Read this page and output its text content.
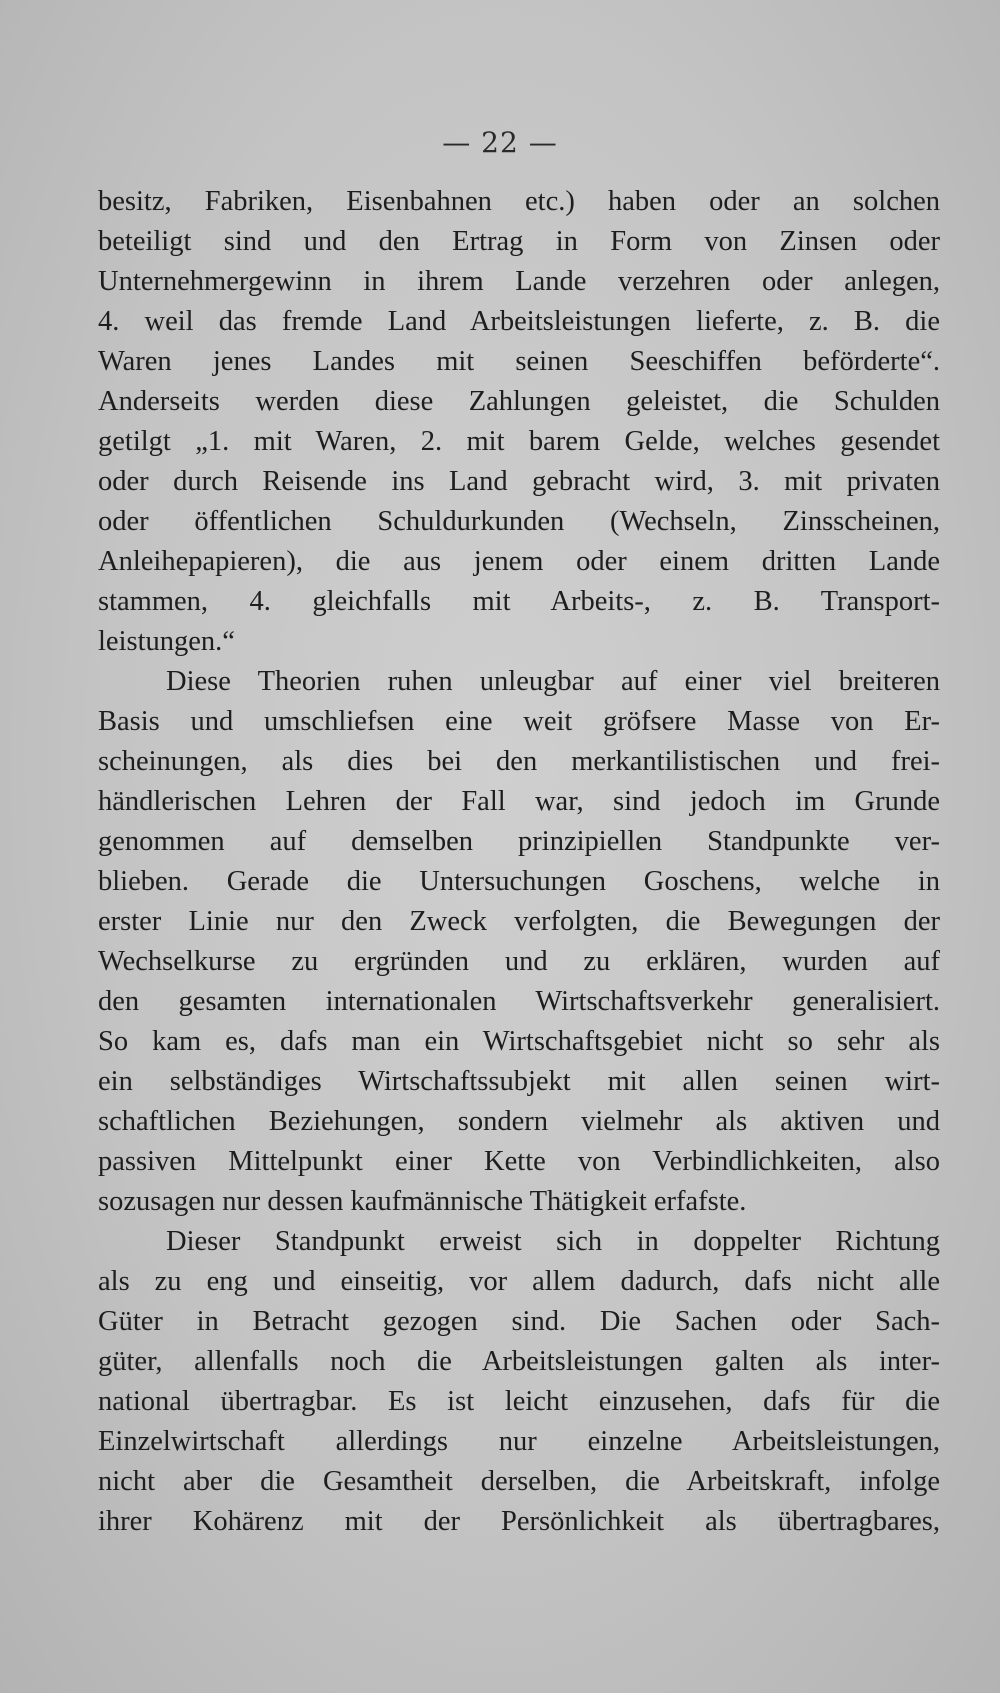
— 22 —
besitz, Fabriken, Eisenbahnen etc.) haben oder an solchen
beteiligt sind und den Ertrag in Form von Zinsen oder
Unternehmergewinn in ihrem Lande verzehren oder anlegen,
4. weil das fremde Land Arbeitsleistungen lieferte, z. B. die
Waren jenes Landes mit seinen Seeschiffen beförderte“.
Anderseits werden diese Zahlungen geleistet, die Schulden
getilgt „1. mit Waren, 2. mit barem Gelde, welches gesendet
oder durch Reisende ins Land gebracht wird, 3. mit privaten
oder öffentlichen Schuldurkunden (Wechseln, Zinsscheinen,
Anleihepapieren), die aus jenem oder einem dritten Lande
stammen, 4. gleichfalls mit Arbeits-, z. B. Transport-
leistungen.“
Diese Theorien ruhen unleugbar auf einer viel breiteren
Basis und umschliefsen eine weit gröfsere Masse von Er-
scheinungen, als dies bei den merkantilistischen und frei-
händlerischen Lehren der Fall war, sind jedoch im Grunde
genommen auf demselben prinzipiellen Standpunkte ver-
blieben. Gerade die Untersuchungen Goschens, welche in
erster Linie nur den Zweck verfolgten, die Bewegungen der
Wechselkurse zu ergründen und zu erklären, wurden auf
den gesamten internationalen Wirtschaftsverkehr generalisiert.
So kam es, dafs man ein Wirtschaftsgebiet nicht so sehr als
ein selbständiges Wirtschaftssubjekt mit allen seinen wirt-
schaftlichen Beziehungen, sondern vielmehr als aktiven und
passiven Mittelpunkt einer Kette von Verbindlichkeiten, also
sozusagen nur dessen kaufmännische Thätigkeit erfafste.
Dieser Standpunkt erweist sich in doppelter Richtung
als zu eng und einseitig, vor allem dadurch, dafs nicht alle
Güter in Betracht gezogen sind. Die Sachen oder Sach-
güter, allenfalls noch die Arbeitsleistungen galten als inter-
national übertragbar. Es ist leicht einzusehen, dafs für die
Einzelwirtschaft allerdings nur einzelne Arbeitsleistungen,
nicht aber die Gesamtheit derselben, die Arbeitskraft, infolge
ihrer Kohärenz mit der Persönlichkeit als übertragbares,
